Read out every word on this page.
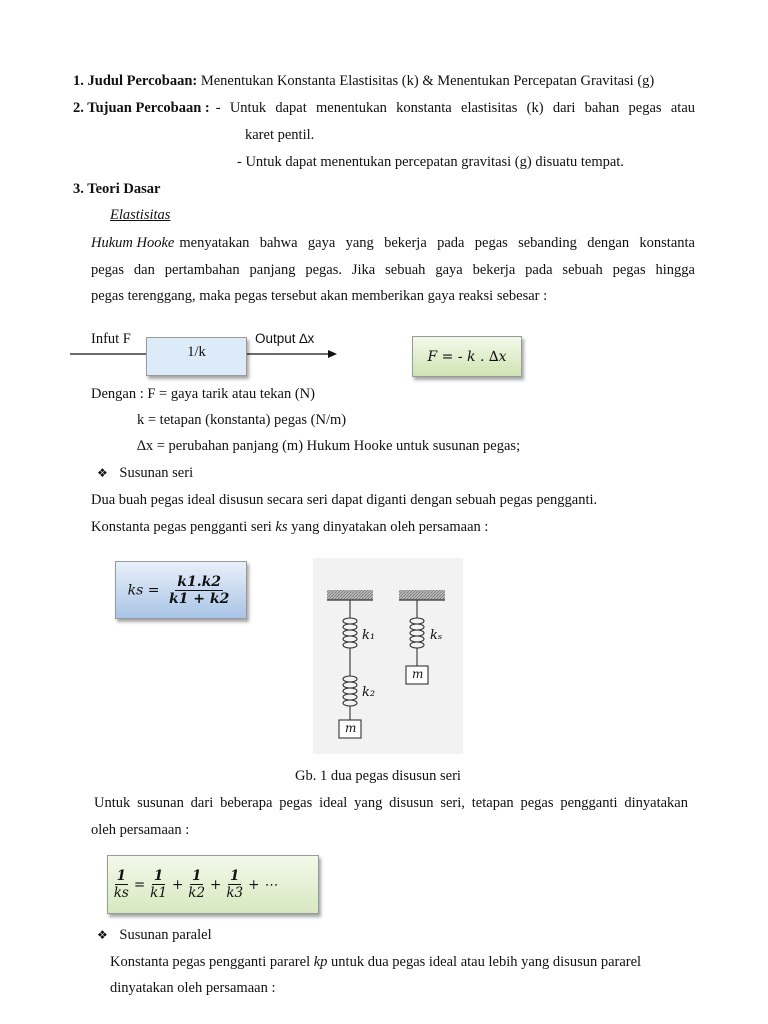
1. Judul Percobaan: Menentukan Konstanta Elastisitas (k) & Menentukan Percepatan Gravitasi (g)
2. Tujuan Percobaan : - Untuk dapat menentukan konstanta elastisitas (k) dari bahan pegas atau
karet pentil.
- Untuk dapat menentukan percepatan gravitasi (g) disuatu tempat.
3. Teori Dasar
Elastisitas
Hukum Hooke menyatakan bahwa gaya yang bekerja pada pegas sebanding dengan konstanta
pegas dan pertambahan panjang pegas. Jika sebuah gaya bekerja pada sebuah pegas hingga
pegas terenggang, maka pegas tersebut akan memberikan gaya reaksi sebesar :
Infut F
1/k
Output ∆x
F = - k . ∆x
Dengan : F = gaya tarik atau tekan (N)
k = tetapan (konstanta) pegas (N/m)
∆x = perubahan panjang (m) Hukum Hooke untuk susunan pegas;
❖ Susunan seri
Dua buah pegas ideal disusun secara seri dapat diganti dengan sebuah pegas pengganti.
Konstanta pegas pengganti seri ks yang dinyatakan oleh persamaan :
ks = $\frac{k1.k2}{k1 + k2}$
k₁
k₂
kₛ
m
m
Gb. 1 dua pegas disusun seri
Untuk susunan dari beberapa pegas ideal yang disusun seri, tetapan pegas pengganti dinyatakan
oleh persamaan :
$\frac{1}{ks} = \frac{1}{k1} + \frac{1}{k2} + \frac{1}{k3}$ + ⋯
❖ Susunan paralel
Konstanta pegas pengganti pararel kp untuk dua pegas ideal atau lebih yang disusun pararel
dinyatakan oleh persamaan :
